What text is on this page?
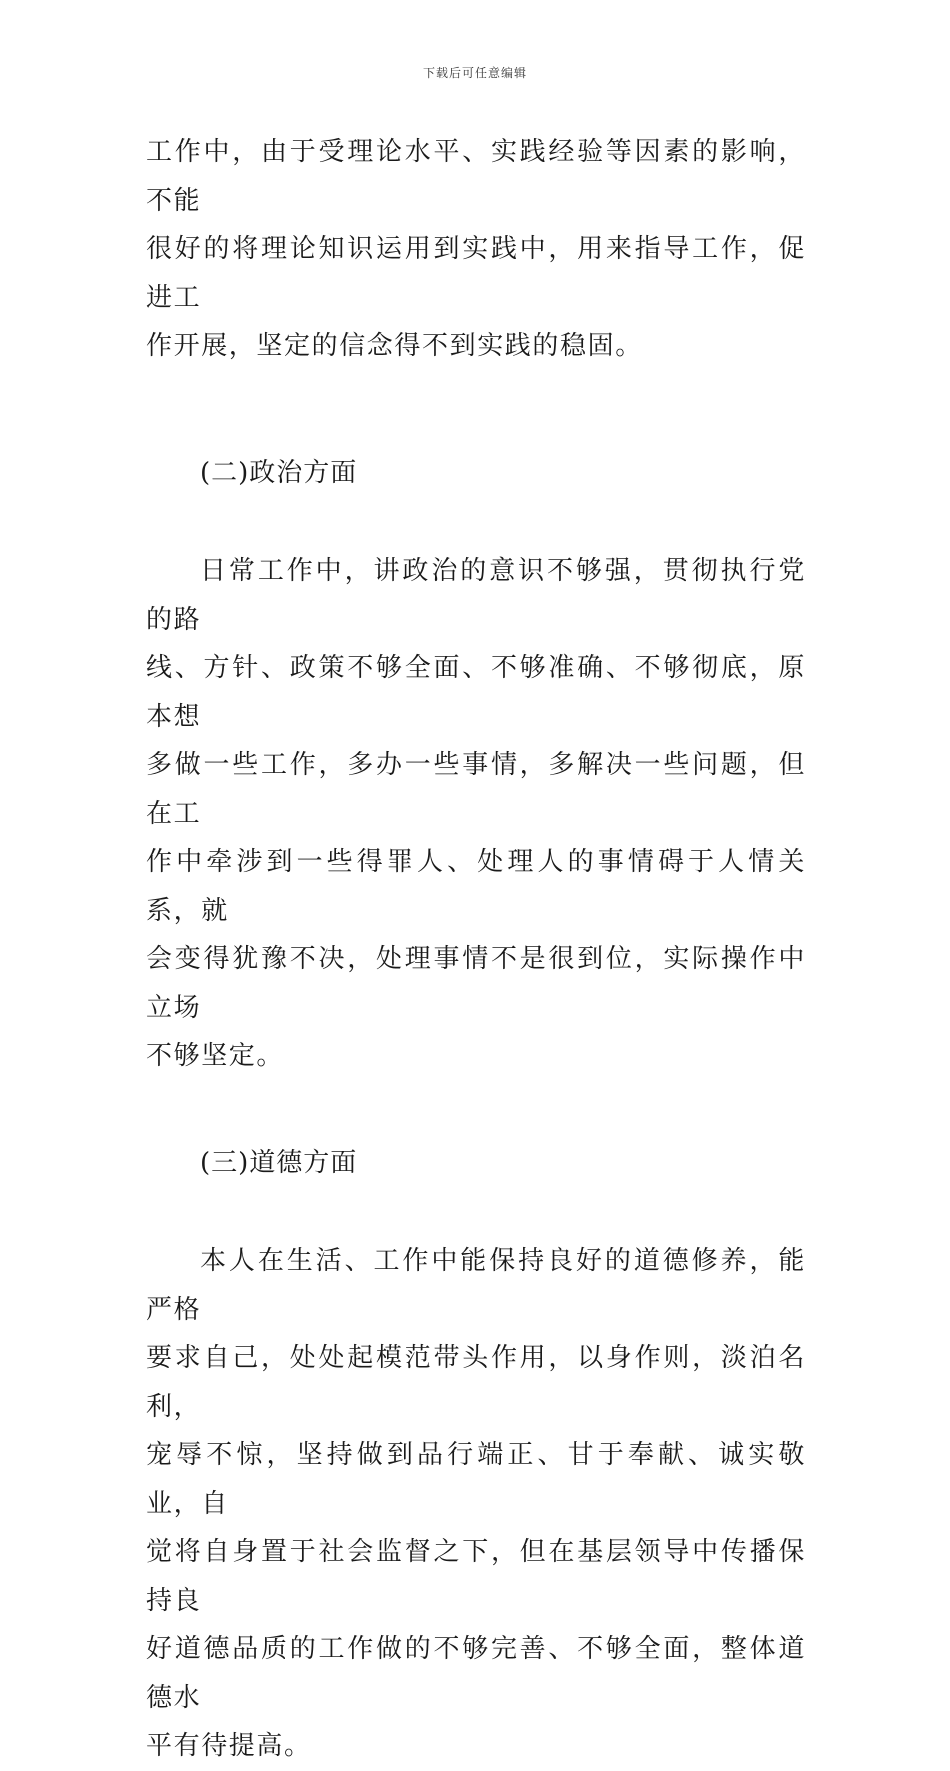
下载后可任意编辑
工作中，由于受理论水平、实践经验等因素的影响，不能
很好的将理论知识运用到实践中，用来指导工作，促进工
作开展，坚定的信念得不到实践的稳固。
(二)政治方面
日常工作中，讲政治的意识不够强，贯彻执行党的路
线、方针、政策不够全面、不够准确、不够彻底，原本想
多做一些工作，多办一些事情，多解决一些问题，但在工
作中牵涉到一些得罪人、处理人的事情碍于人情关系，就
会变得犹豫不决，处理事情不是很到位，实际操作中立场
不够坚定。
(三)道德方面
本人在生活、工作中能保持良好的道德修养，能严格
要求自己，处处起模范带头作用，以身作则，淡泊名利，
宠辱不惊，坚持做到品行端正、甘于奉献、诚实敬业，自
觉将自身置于社会监督之下，但在基层领导中传播保持良
好道德品质的工作做的不够完善、不够全面，整体道德水
平有待提高。
